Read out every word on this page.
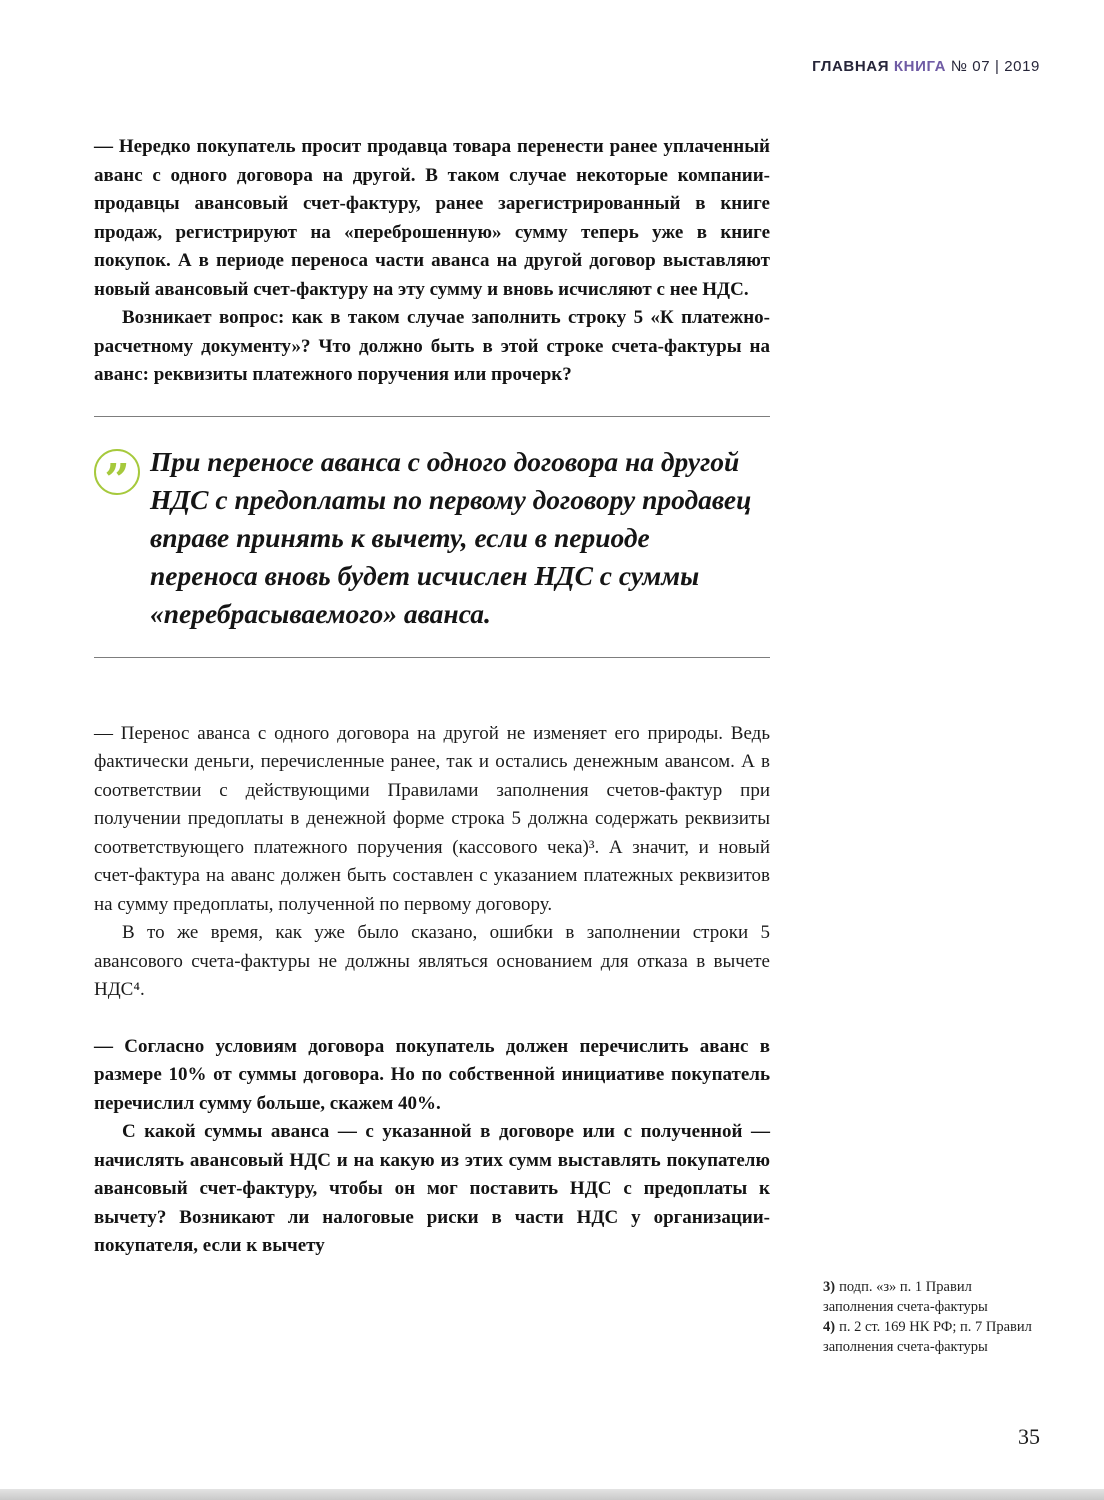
ГЛАВНАЯ КНИГА № 07 | 2019

— Нередко покупатель просит продавца товара перенести ранее уплаченный аванс с одного договора на другой. В таком случае некоторые компании-продавцы авансовый счет-фактуру, ранее зарегистрированный в книге продаж, регистрируют на «переброшенную» сумму теперь уже в книге покупок. А в периоде переноса части аванса на другой договор выставляют новый авансовый счет-фактуру на эту сумму и вновь исчисляют с нее НДС.

Возникает вопрос: как в таком случае заполнить строку 5 «К платежно-расчетному документу»? Что должно быть в этой строке счета-фактуры на аванс: реквизиты платежного поручения или прочерк?

” При переносе аванса с одного договора на другой НДС с предоплаты по первому договору продавец вправе принять к вычету, если в периоде переноса вновь будет исчислен НДС с суммы «перебрасываемого» аванса.

— Перенос аванса с одного договора на другой не изменяет его природы. Ведь фактически деньги, перечисленные ранее, так и остались денежным авансом. А в соответствии с действующими Правилами заполнения счетов-фактур при получении предоплаты в денежной форме строка 5 должна содержать реквизиты соответствующего платежного поручения (кассового чека)³. А значит, и новый счет-фактура на аванс должен быть составлен с указанием платежных реквизитов на сумму предоплаты, полученной по первому договору.

В то же время, как уже было сказано, ошибки в заполнении строки 5 авансового счета-фактуры не должны являться основанием для отказа в вычете НДС⁴.

— Согласно условиям договора покупатель должен перечислить аванс в размере 10% от суммы договора. Но по собственной инициативе покупатель перечислил сумму больше, скажем 40%.

С какой суммы аванса — с указанной в договоре или с полученной — начислять авансовый НДС и на какую из этих сумм выставлять покупателю авансовый счет-фактуру, чтобы он мог поставить НДС с предоплаты к вычету? Возникают ли налоговые риски в части НДС у организации-покупателя, если к вычету

3) подп. «з» п. 1 Правил заполнения счета-фактуры

4) п. 2 ст. 169 НК РФ; п. 7 Правил заполнения счета-фактуры

35
